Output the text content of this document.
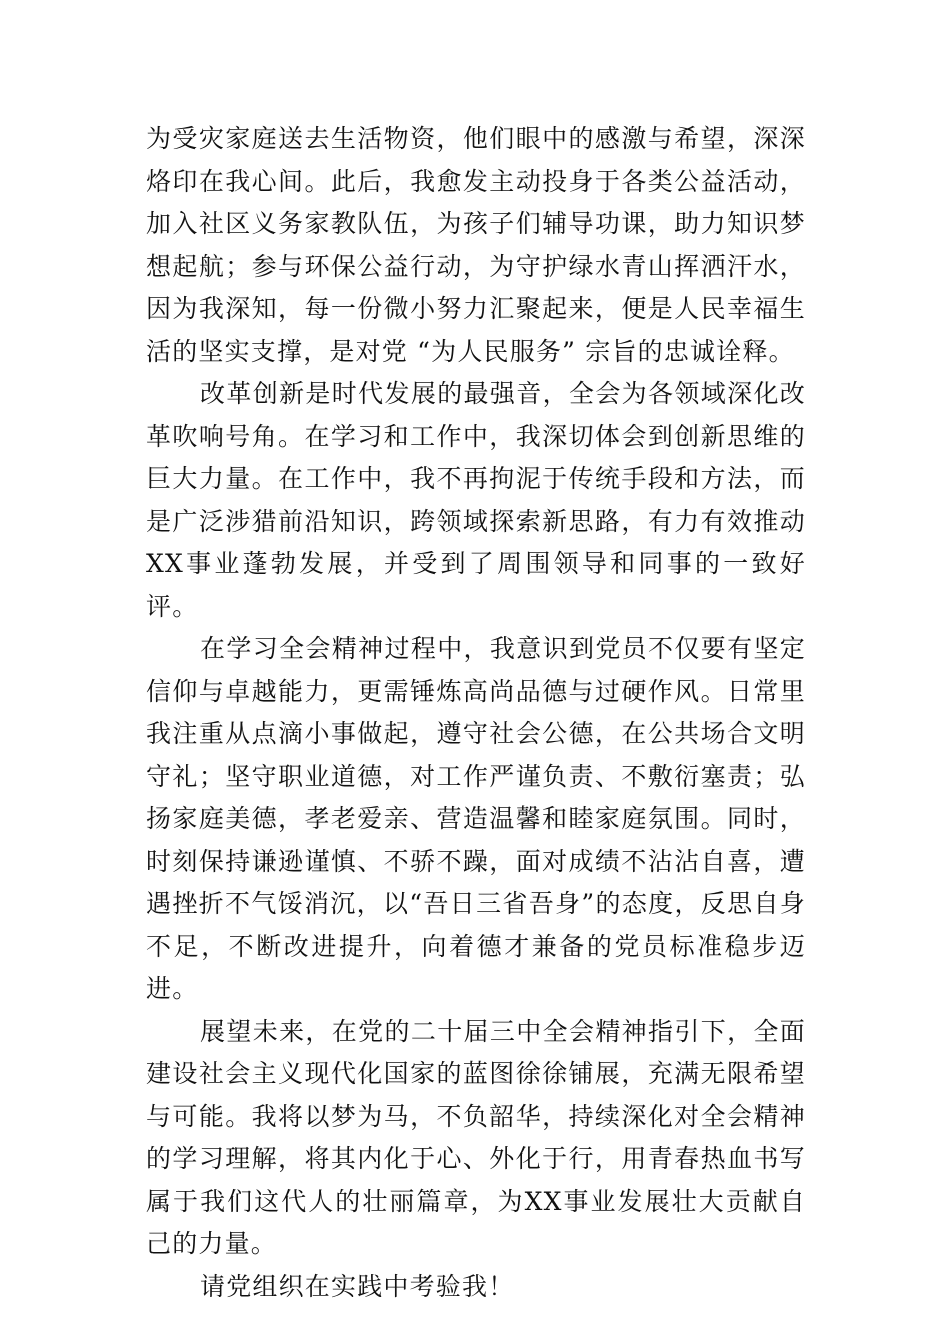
为受灾家庭送去生活物资，他们眼中的感激与希望，深深烙印在我心间。此后，我愈发主动投身于各类公益活动，加入社区义务家教队伍，为孩子们辅导功课，助力知识梦想起航；参与环保公益行动，为守护绿水青山挥洒汗水，因为我深知，每一份微小努力汇聚起来，便是人民幸福生活的坚实支撑，是对党 “为人民服务” 宗旨的忠诚诠释。

改革创新是时代发展的最强音，全会为各领域深化改革吹响号角。在学习和工作中，我深切体会到创新思维的巨大力量。在工作中，我不再拘泥于传统手段和方法，而是广泛涉猎前沿知识，跨领域探索新思路，有力有效推动XX事业蓬勃发展，并受到了周围领导和同事的一致好评。

在学习全会精神过程中，我意识到党员不仅要有坚定信仰与卓越能力，更需锤炼高尚品德与过硬作风。日常里我注重从点滴小事做起，遵守社会公德，在公共场合文明守礼；坚守职业道德，对工作严谨负责、不敷衍塞责；弘扬家庭美德，孝老爱亲、营造温馨和睦家庭氛围。同时，时刻保持谦逊谨慎、不骄不躁，面对成绩不沾沾自喜，遭遇挫折不气馁消沉，以“吾日三省吾身”的态度，反思自身不足，不断改进提升，向着德才兼备的党员标准稳步迈进。

展望未来，在党的二十届三中全会精神指引下，全面建设社会主义现代化国家的蓝图徐徐铺展，充满无限希望与可能。我将以梦为马，不负韶华，持续深化对全会精神的学习理解，将其内化于心、外化于行，用青春热血书写属于我们这代人的壮丽篇章，为XX事业发展壮大贡献自己的力量。

请党组织在实践中考验我！
